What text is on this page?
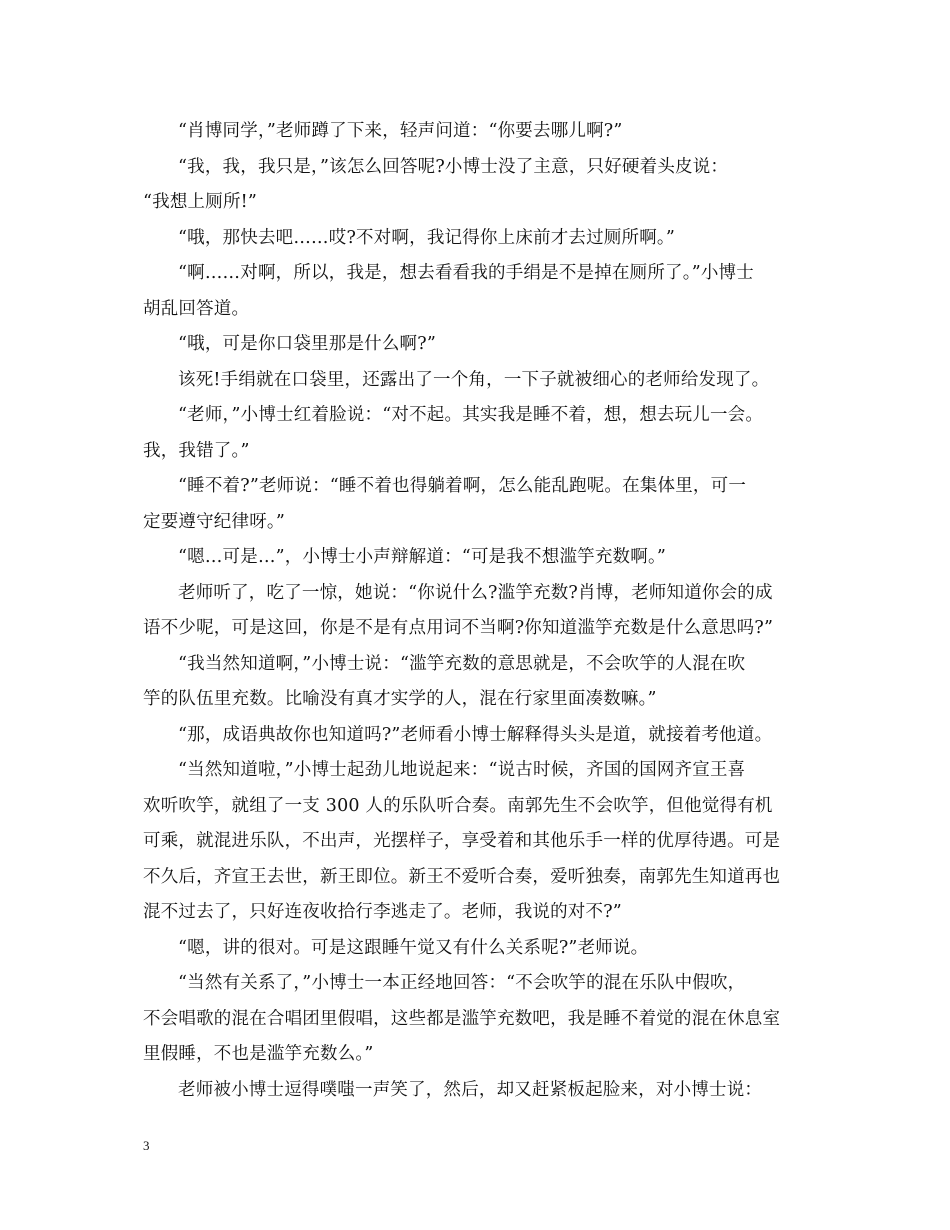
“肖博同学，”老师蹲了下来，轻声问道：“你要去哪儿啊?”
“我，我，我只是，”该怎么回答呢?小博士没了主意，只好硬着头皮说：
“我想上厕所!”
“哦，那快去吧……哎?不对啊，我记得你上床前才去过厕所啊。”
“啊……对啊，所以，我是，想去看看我的手绢是不是掉在厕所了。”小博士
胡乱回答道。
“哦，可是你口袋里那是什么啊?”
该死!手绢就在口袋里，还露出了一个角，一下子就被细心的老师给发现了。
“老师，”小博士红着脸说：“对不起。其实我是睡不着，想，想去玩儿一会。
我，我错了。”
“睡不着?”老师说：“睡不着也得躺着啊，怎么能乱跑呢。在集体里，可一
定要遵守纪律呀。”
“嗯…可是…”，小博士小声辩解道：“可是我不想滥竽充数啊。”
老师听了，吃了一惊，她说：“你说什么?滥竽充数?肖博，老师知道你会的成
语不少呢，可是这回，你是不是有点用词不当啊?你知道滥竽充数是什么意思吗?”
“我当然知道啊，”小博士说：“滥竽充数的意思就是，不会吹竽的人混在吹
竽的队伍里充数。比喻没有真才实学的人，混在行家里面凑数嘛。”
“那，成语典故你也知道吗?”老师看小博士解释得头头是道，就接着考他道。
“当然知道啦，”小博士起劲儿地说起来：“说古时候，齐国的国网齐宣王喜
欢听吹竽，就组了一支 300 人的乐队听合奏。南郭先生不会吹竽，但他觉得有机
可乘，就混进乐队，不出声，光摆样子，享受着和其他乐手一样的优厚待遇。可是
不久后，齐宣王去世，新王即位。新王不爱听合奏，爱听独奏，南郭先生知道再也
混不过去了，只好连夜收拾行李逃走了。老师，我说的对不?”
“嗯，讲的很对。可是这跟睡午觉又有什么关系呢?”老师说。
“当然有关系了，”小博士一本正经地回答：“不会吹竽的混在乐队中假吹，
不会唱歌的混在合唱团里假唱，这些都是滥竽充数吧，我是睡不着觉的混在休息室
里假睡，不也是滥竽充数么。”
老师被小博士逗得噗嗤一声笑了，然后，却又赶紧板起脸来，对小博士说：
3
